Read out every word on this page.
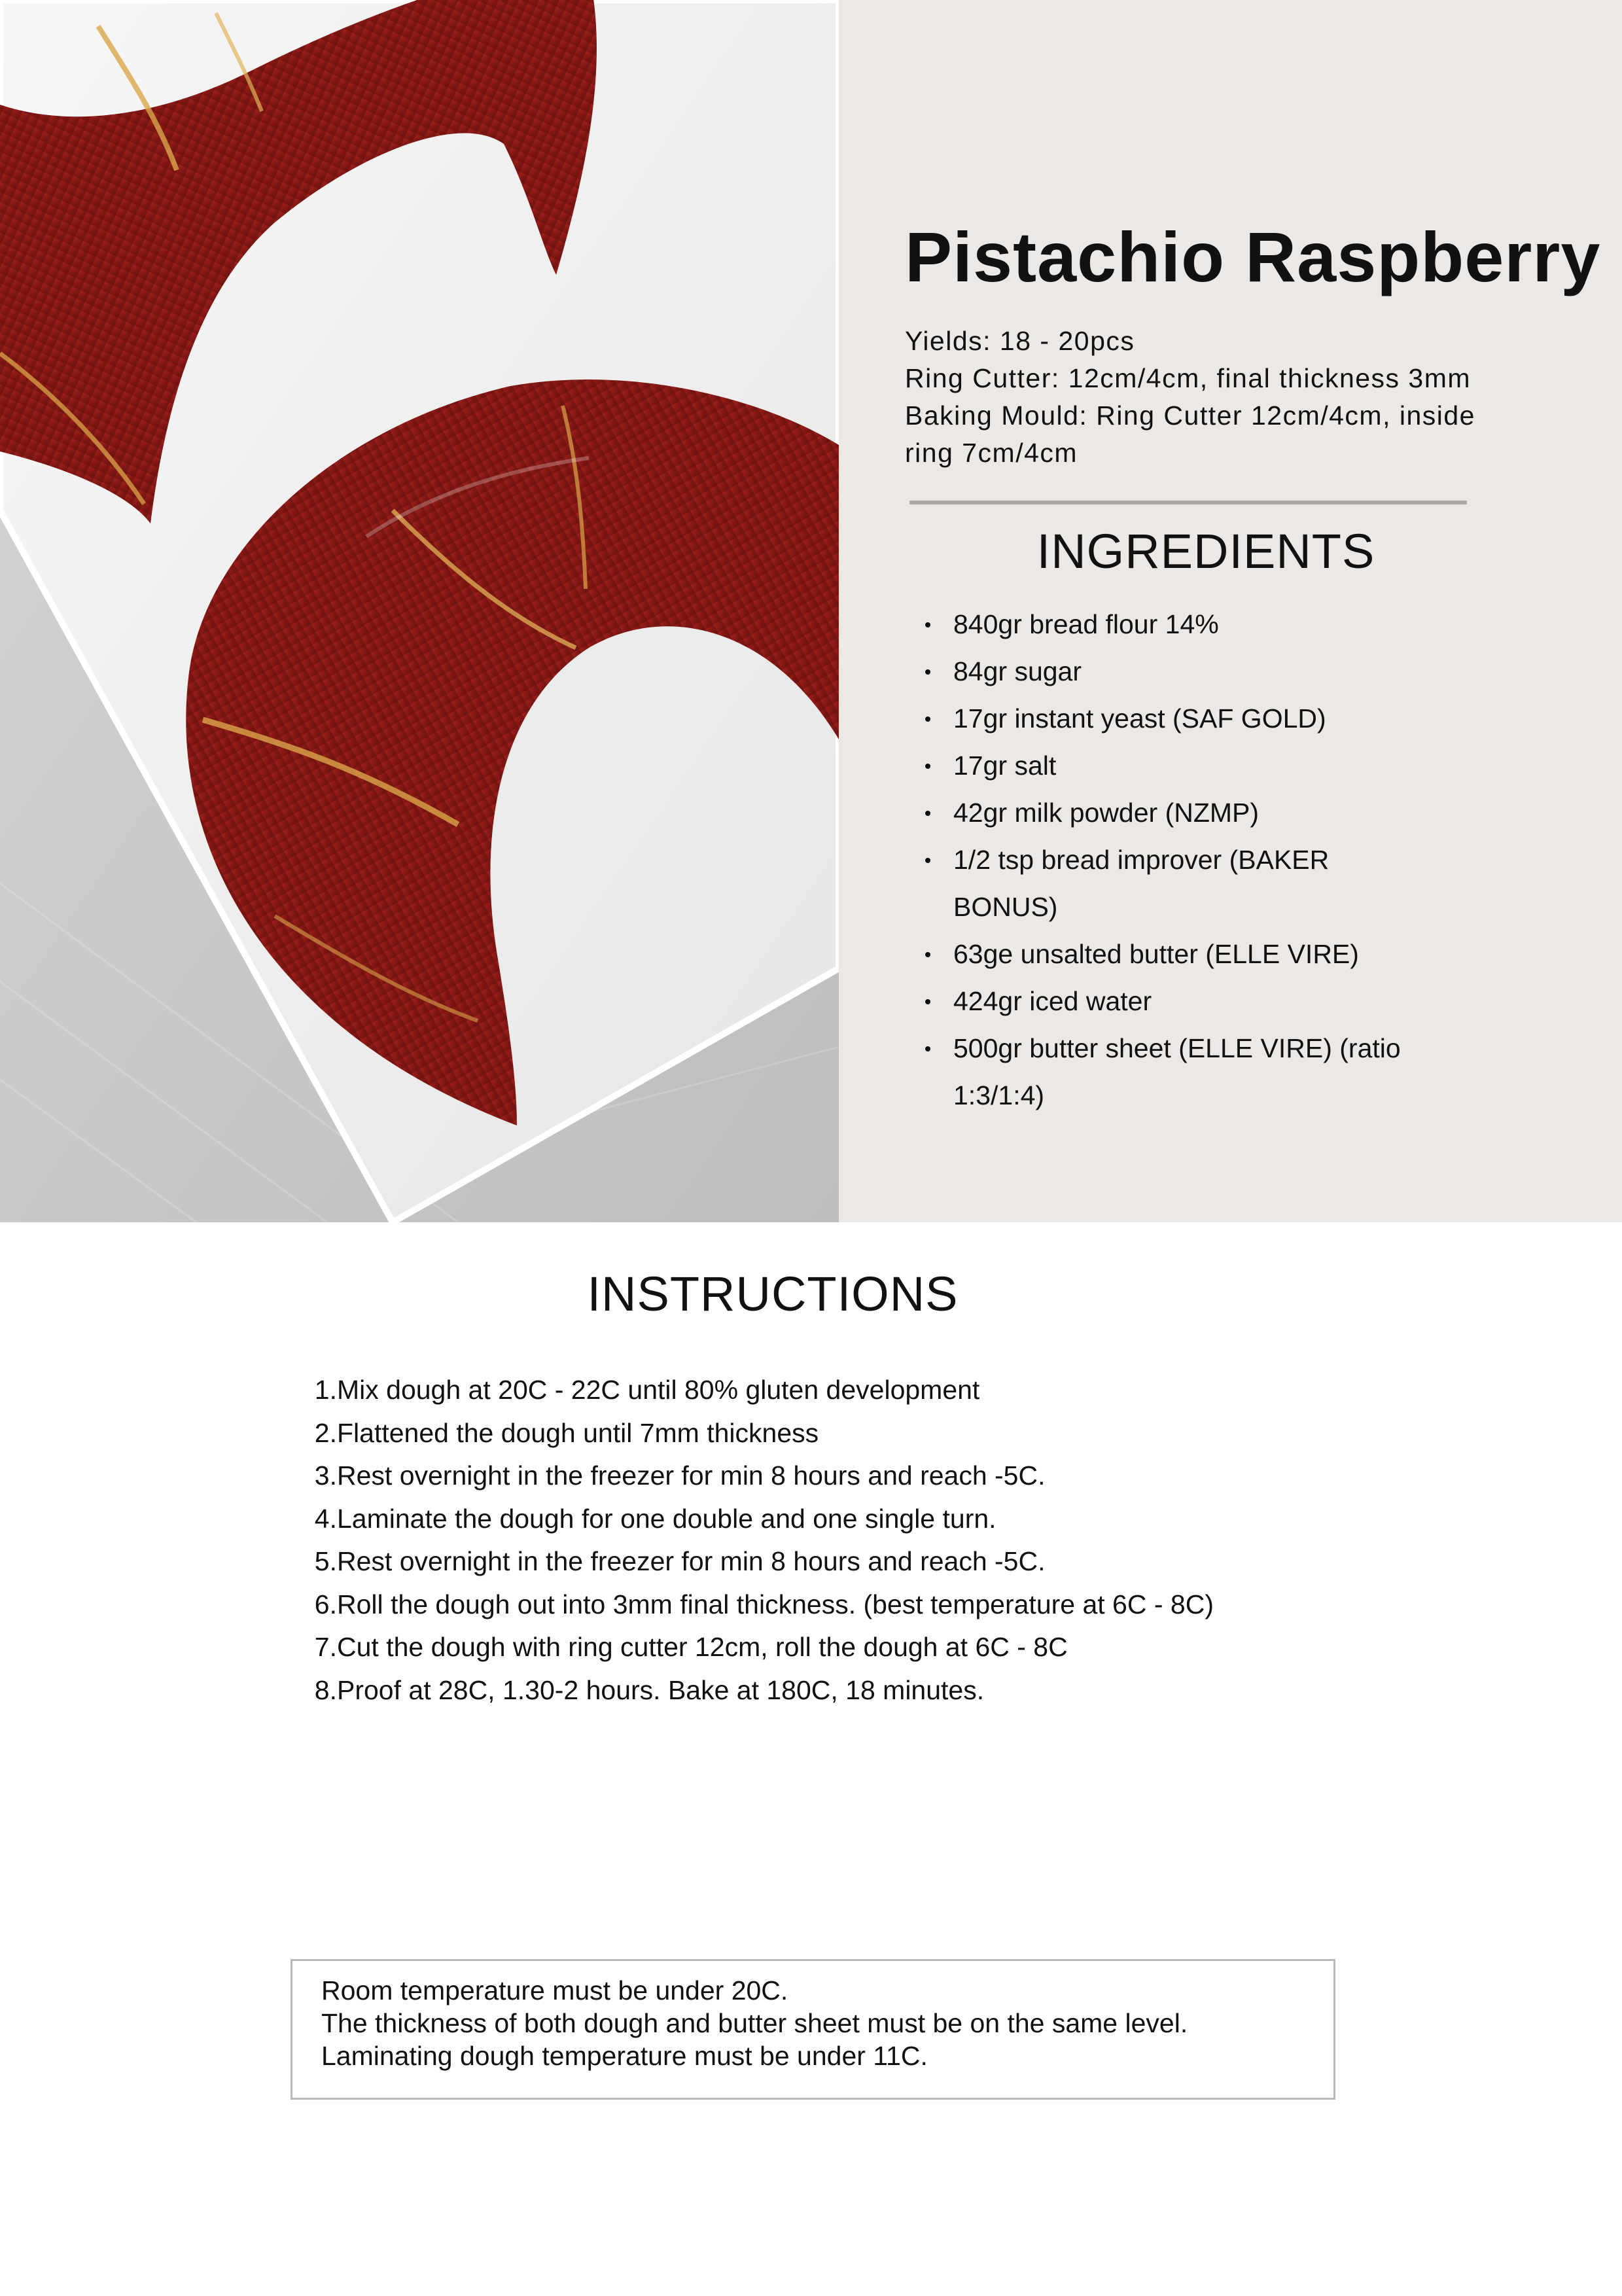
Pistachio Raspberry
Yields: 18 - 20pcs
Ring Cutter: 12cm/4cm, final thickness 3mm
Baking Mould: Ring Cutter 12cm/4cm, inside
ring 7cm/4cm
INGREDIENTS
840gr bread flour 14%
84gr sugar
17gr instant yeast (SAF GOLD)
17gr salt
42gr milk powder (NZMP)
1/2 tsp bread improver (BAKER BONUS)
63ge unsalted butter (ELLE VIRE)
424gr iced water
500gr butter sheet (ELLE VIRE) (ratio 1:3/1:4)
INSTRUCTIONS
1. Mix dough at 20C - 22C until 80% gluten development
2. Flattened the dough until 7mm thickness
3. Rest overnight in the freezer for min 8 hours and reach -5C.
4. Laminate the dough for one double and one single turn.
5. Rest overnight in the freezer for min 8 hours and reach -5C.
6. Roll the dough out into 3mm final thickness. (best temperature at 6C - 8C)
7. Cut the dough with ring cutter 12cm, roll the dough at 6C - 8C
8. Proof at 28C, 1.30-2 hours. Bake at 180C, 18 minutes.
Room temperature must be under 20C.
The thickness of both dough and butter sheet must be on the same level.
Laminating dough temperature must be under 11C.
